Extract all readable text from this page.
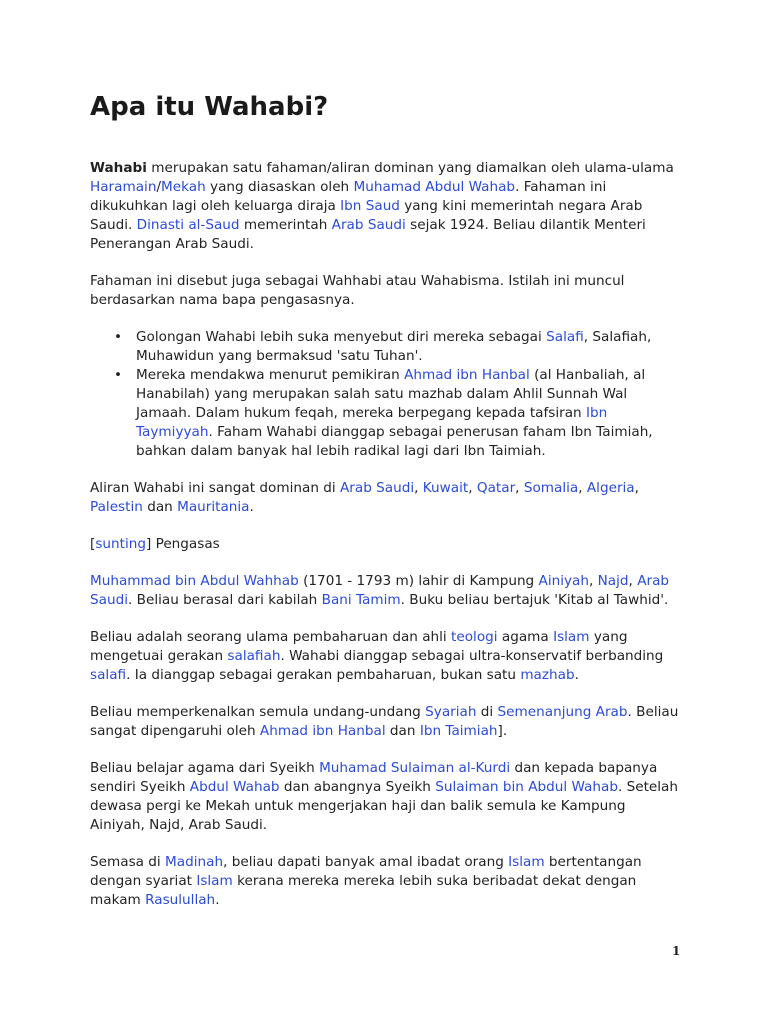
Apa itu Wahabi?

Wahabi merupakan satu fahaman/aliran dominan yang diamalkan oleh ulama-ulama Haramain/Mekah yang diasaskan oleh Muhamad Abdul Wahab. Fahaman ini dikukuhkan lagi oleh keluarga diraja Ibn Saud yang kini memerintah negara Arab Saudi. Dinasti al-Saud memerintah Arab Saudi sejak 1924. Beliau dilantik Menteri Penerangan Arab Saudi.

Fahaman ini disebut juga sebagai Wahhabi atau Wahabisma. Istilah ini muncul berdasarkan nama bapa pengasasnya.

• Golongan Wahabi lebih suka menyebut diri mereka sebagai Salafi, Salafiah, Muhawidun yang bermaksud 'satu Tuhan'.
• Mereka mendakwa menurut pemikiran Ahmad ibn Hanbal (al Hanbaliah, al Hanabilah) yang merupakan salah satu mazhab dalam Ahlil Sunnah Wal Jamaah. Dalam hukum feqah, mereka berpegang kepada tafsiran Ibn Taymiyyah. Faham Wahabi dianggap sebagai penerusan faham Ibn Taimiah, bahkan dalam banyak hal lebih radikal lagi dari Ibn Taimiah.

Aliran Wahabi ini sangat dominan di Arab Saudi, Kuwait, Qatar, Somalia, Algeria, Palestin dan Mauritania.

[sunting] Pengasas

Muhammad bin Abdul Wahhab (1701 - 1793 m) lahir di Kampung Ainiyah, Najd, Arab Saudi. Beliau berasal dari kabilah Bani Tamim. Buku beliau bertajuk 'Kitab al Tawhid'.

Beliau adalah seorang ulama pembaharuan dan ahli teologi agama Islam yang mengetuai gerakan salafiah. Wahabi dianggap sebagai ultra-konservatif berbanding salafi. Ia dianggap sebagai gerakan pembaharuan, bukan satu mazhab.

Beliau memperkenalkan semula undang-undang Syariah di Semenanjung Arab. Beliau sangat dipengaruhi oleh Ahmad ibn Hanbal dan Ibn Taimiah].

Beliau belajar agama dari Syeikh Muhamad Sulaiman al-Kurdi dan kepada bapanya sendiri Syeikh Abdul Wahab dan abangnya Syeikh Sulaiman bin Abdul Wahab. Setelah dewasa pergi ke Mekah untuk mengerjakan haji dan balik semula ke Kampung Ainiyah, Najd, Arab Saudi.

Semasa di Madinah, beliau dapati banyak amal ibadat orang Islam bertentangan dengan syariat Islam kerana mereka mereka lebih suka beribadat dekat dengan makam Rasulullah.

1
